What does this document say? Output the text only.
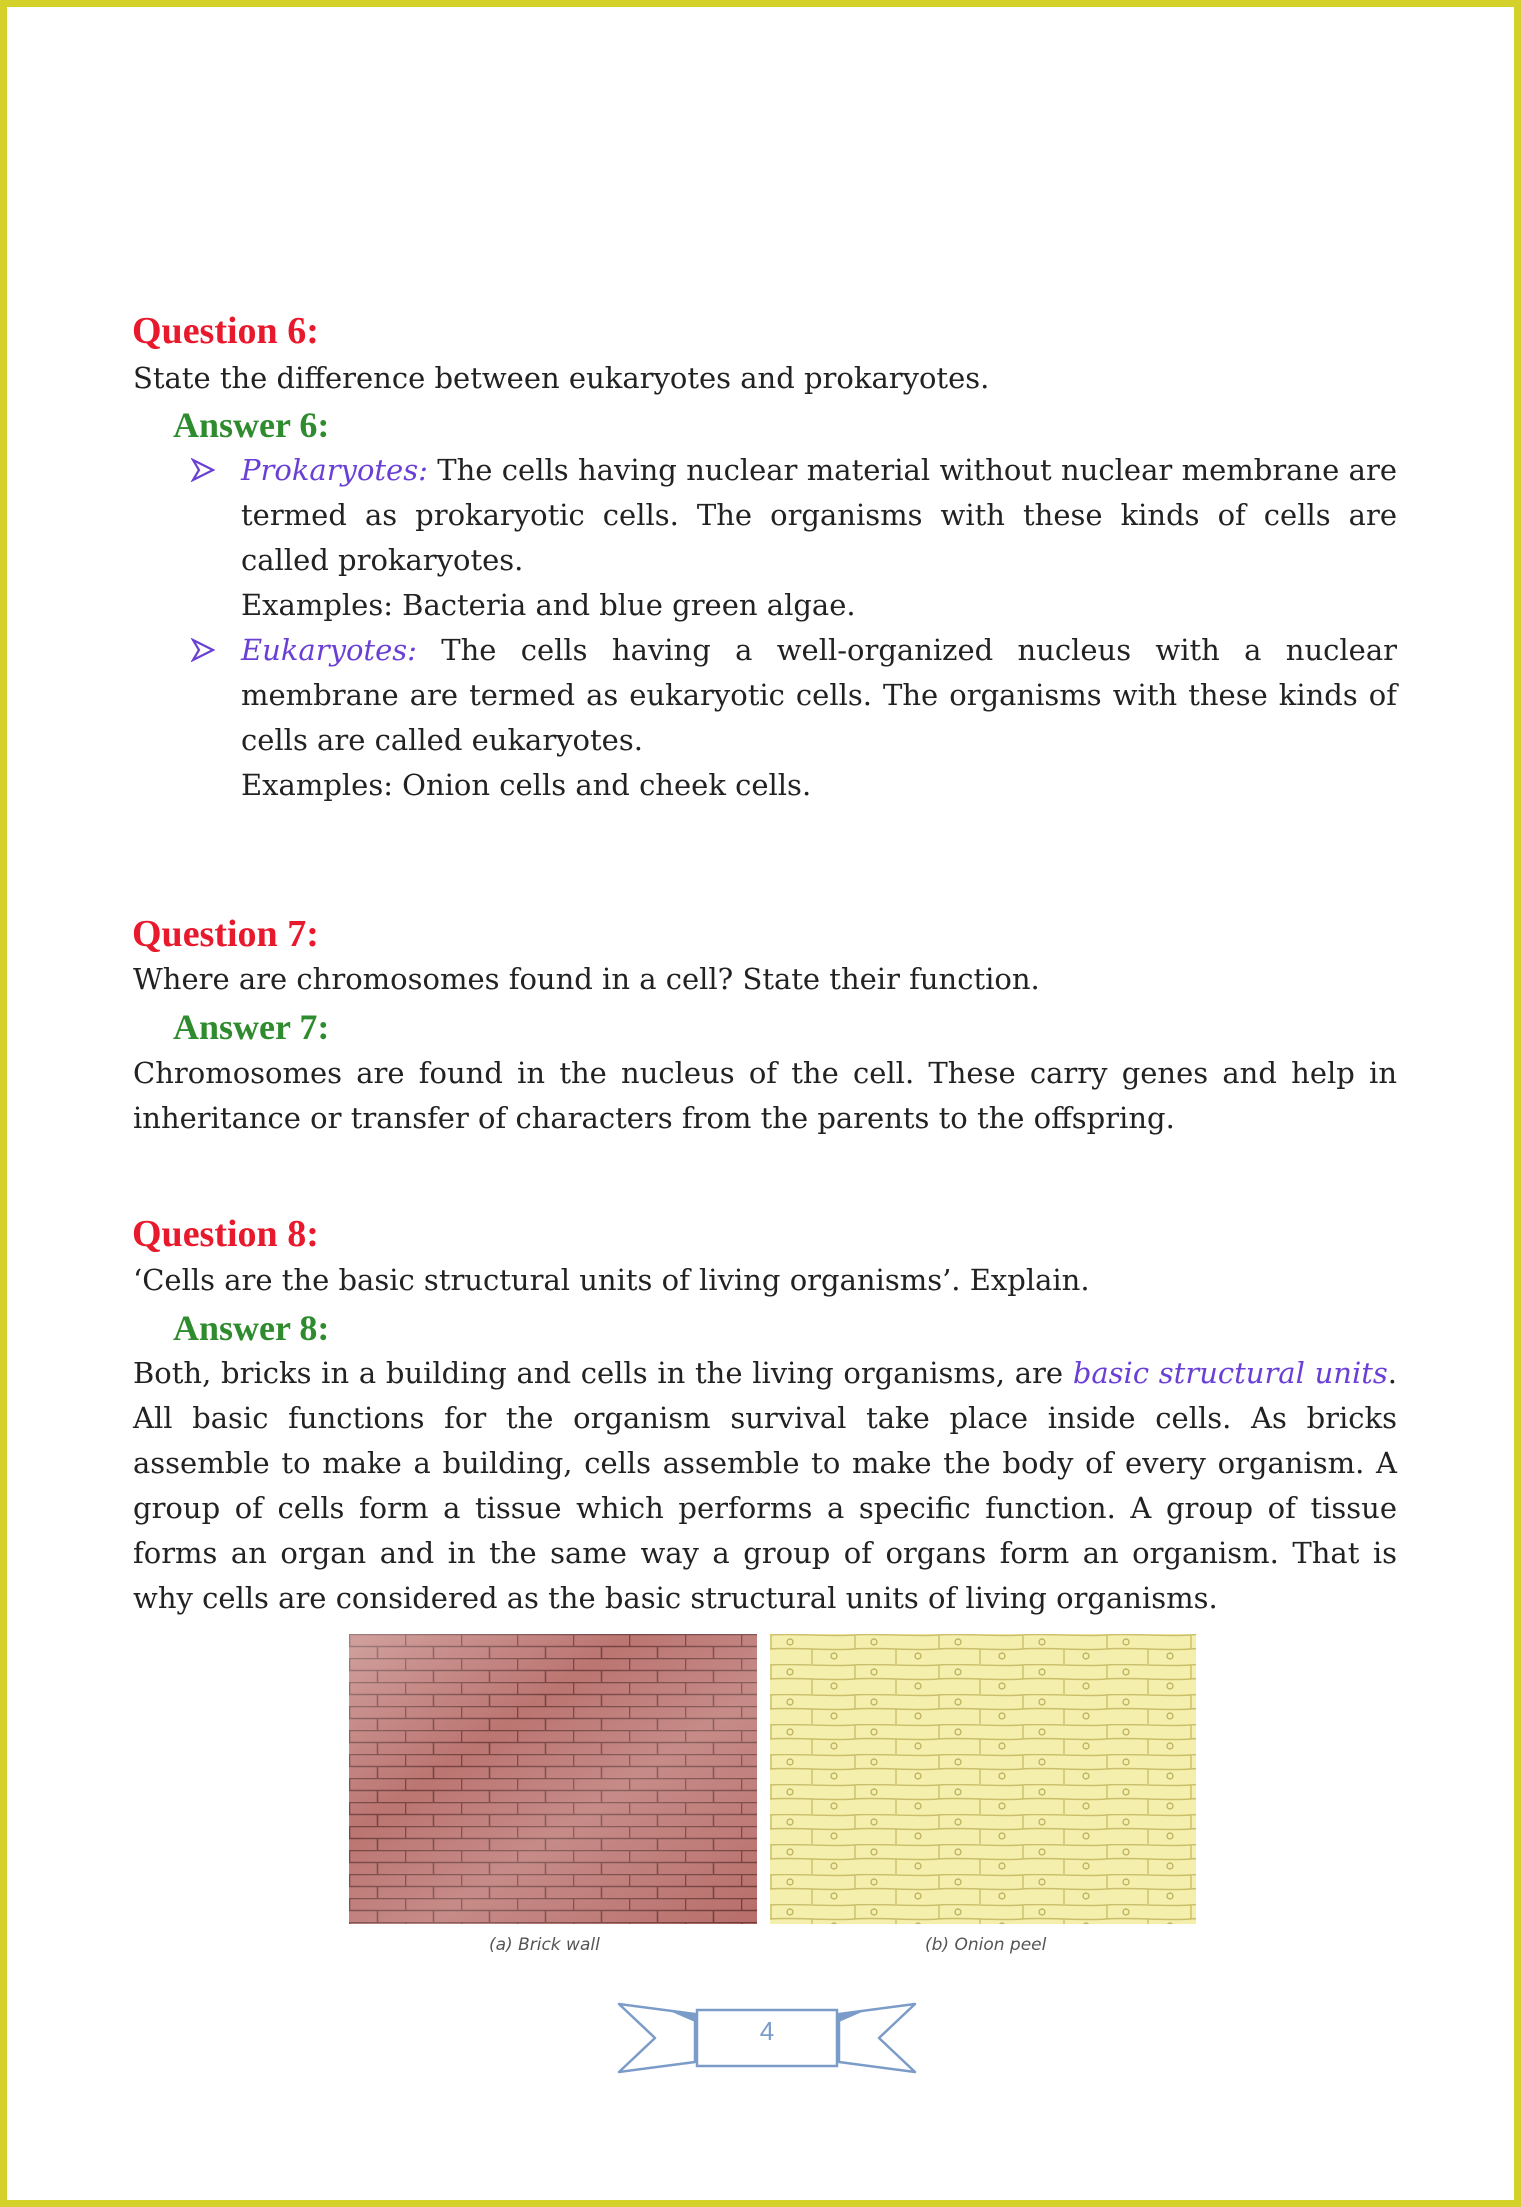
Question 6:

State the difference between eukaryotes and prokaryotes.

Answer 6:
Prokaryotes: The cells having nuclear material without nuclear membrane are termed as prokaryotic cells. The organisms with these kinds of cells are called prokaryotes.
Examples: Bacteria and blue green algae.
Eukaryotes: The cells having a well-organized nucleus with a nuclear membrane are termed as eukaryotic cells. The organisms with these kinds of cells are called eukaryotes.
Examples: Onion cells and cheek cells.
Question 7:

Where are chromosomes found in a cell? State their function.

Answer 7:

Chromosomes are found in the nucleus of the cell. These carry genes and help in inheritance or transfer of characters from the parents to the offspring.

Question 8:

‘Cells are the basic structural units of living organisms’. Explain.

Answer 8:

Both, bricks in a building and cells in the living organisms, are basic structural units. All basic functions for the organism survival take place inside cells. As bricks assemble to make a building, cells assemble to make the body of every organism. A group of cells form a tissue which performs a specific function. A group of tissue forms an organ and in the same way a group of organs form an organism. That is why cells are considered as the basic structural units of living organisms.

(a) Brick wall	(b) Onion peel
4
